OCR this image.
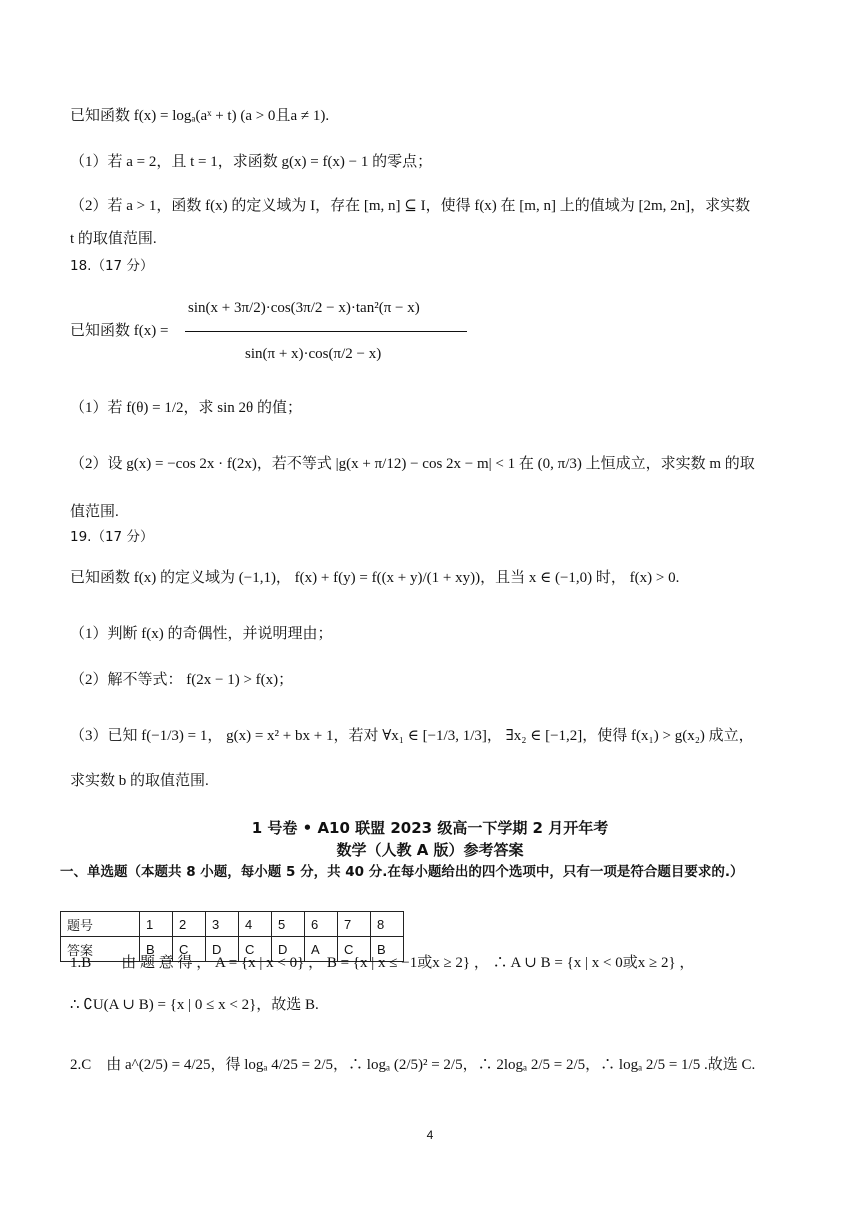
已知函数 f(x) = logₐ(aˣ + t) (a > 0且a ≠ 1).
（1）若 a = 2，且 t = 1，求函数 g(x) = f(x) − 1 的零点；
（2）若 a > 1，函数 f(x) 的定义域为 I，存在 [m, n] ⊆ I，使得 f(x) 在 [m, n] 上的值域为 [2m, 2n]，求实数
t 的取值范围.
18.（17 分）
已知函数 f(x) =
sin(x + 3π/2)·cos(3π/2 − x)·tan²(π − x)
sin(π + x)·cos(π/2 − x)
（1）若 f(θ) = 1/2，求 sin 2θ 的值；
（2）设 g(x) = −cos 2x · f(2x)，若不等式 |g(x + π/12) − cos 2x − m| < 1 在 (0, π/3) 上恒成立，求实数 m 的取
值范围.
19.（17 分）
已知函数 f(x) 的定义域为 (−1,1)， f(x) + f(y) = f((x + y)/(1 + xy))，且当 x ∈ (−1,0) 时， f(x) > 0.
（1）判断 f(x) 的奇偶性，并说明理由；
（2）解不等式： f(2x − 1) > f(x)；
（3）已知 f(−1/3) = 1， g(x) = x² + bx + 1，若对 ∀x₁ ∈ [−1/3, 1/3]， ∃x₂ ∈ [−1,2]，使得 f(x₁) > g(x₂) 成立，
求实数 b 的取值范围.
1 号卷 • A10 联盟 2023 级高一下学期 2 月开年考
数学（人教 A 版）参考答案
一、单选题（本题共 8 小题，每小题 5 分，共 40 分.在每小题给出的四个选项中，只有一项是符合题目要求的.）
题号	1	2	3	4	5	6	7	8
答案	B	C	D	C	D	A	C	B
1.B　　由 题 意 得 ， A = {x | x < 0} ， B = {x | x ≤ −1或x ≥ 2} ， ∴ A ∪ B = {x | x < 0或x ≥ 2} ，
∴ ∁U(A ∪ B) = {x | 0 ≤ x < 2}，故选 B.
2.C　由 a^(2/5) = 4/25，得 logₐ 4/25 = 2/5，∴ logₐ (2/5)² = 2/5，∴ 2logₐ 2/5 = 2/5，∴ logₐ 2/5 = 1/5 .故选 C.
4
